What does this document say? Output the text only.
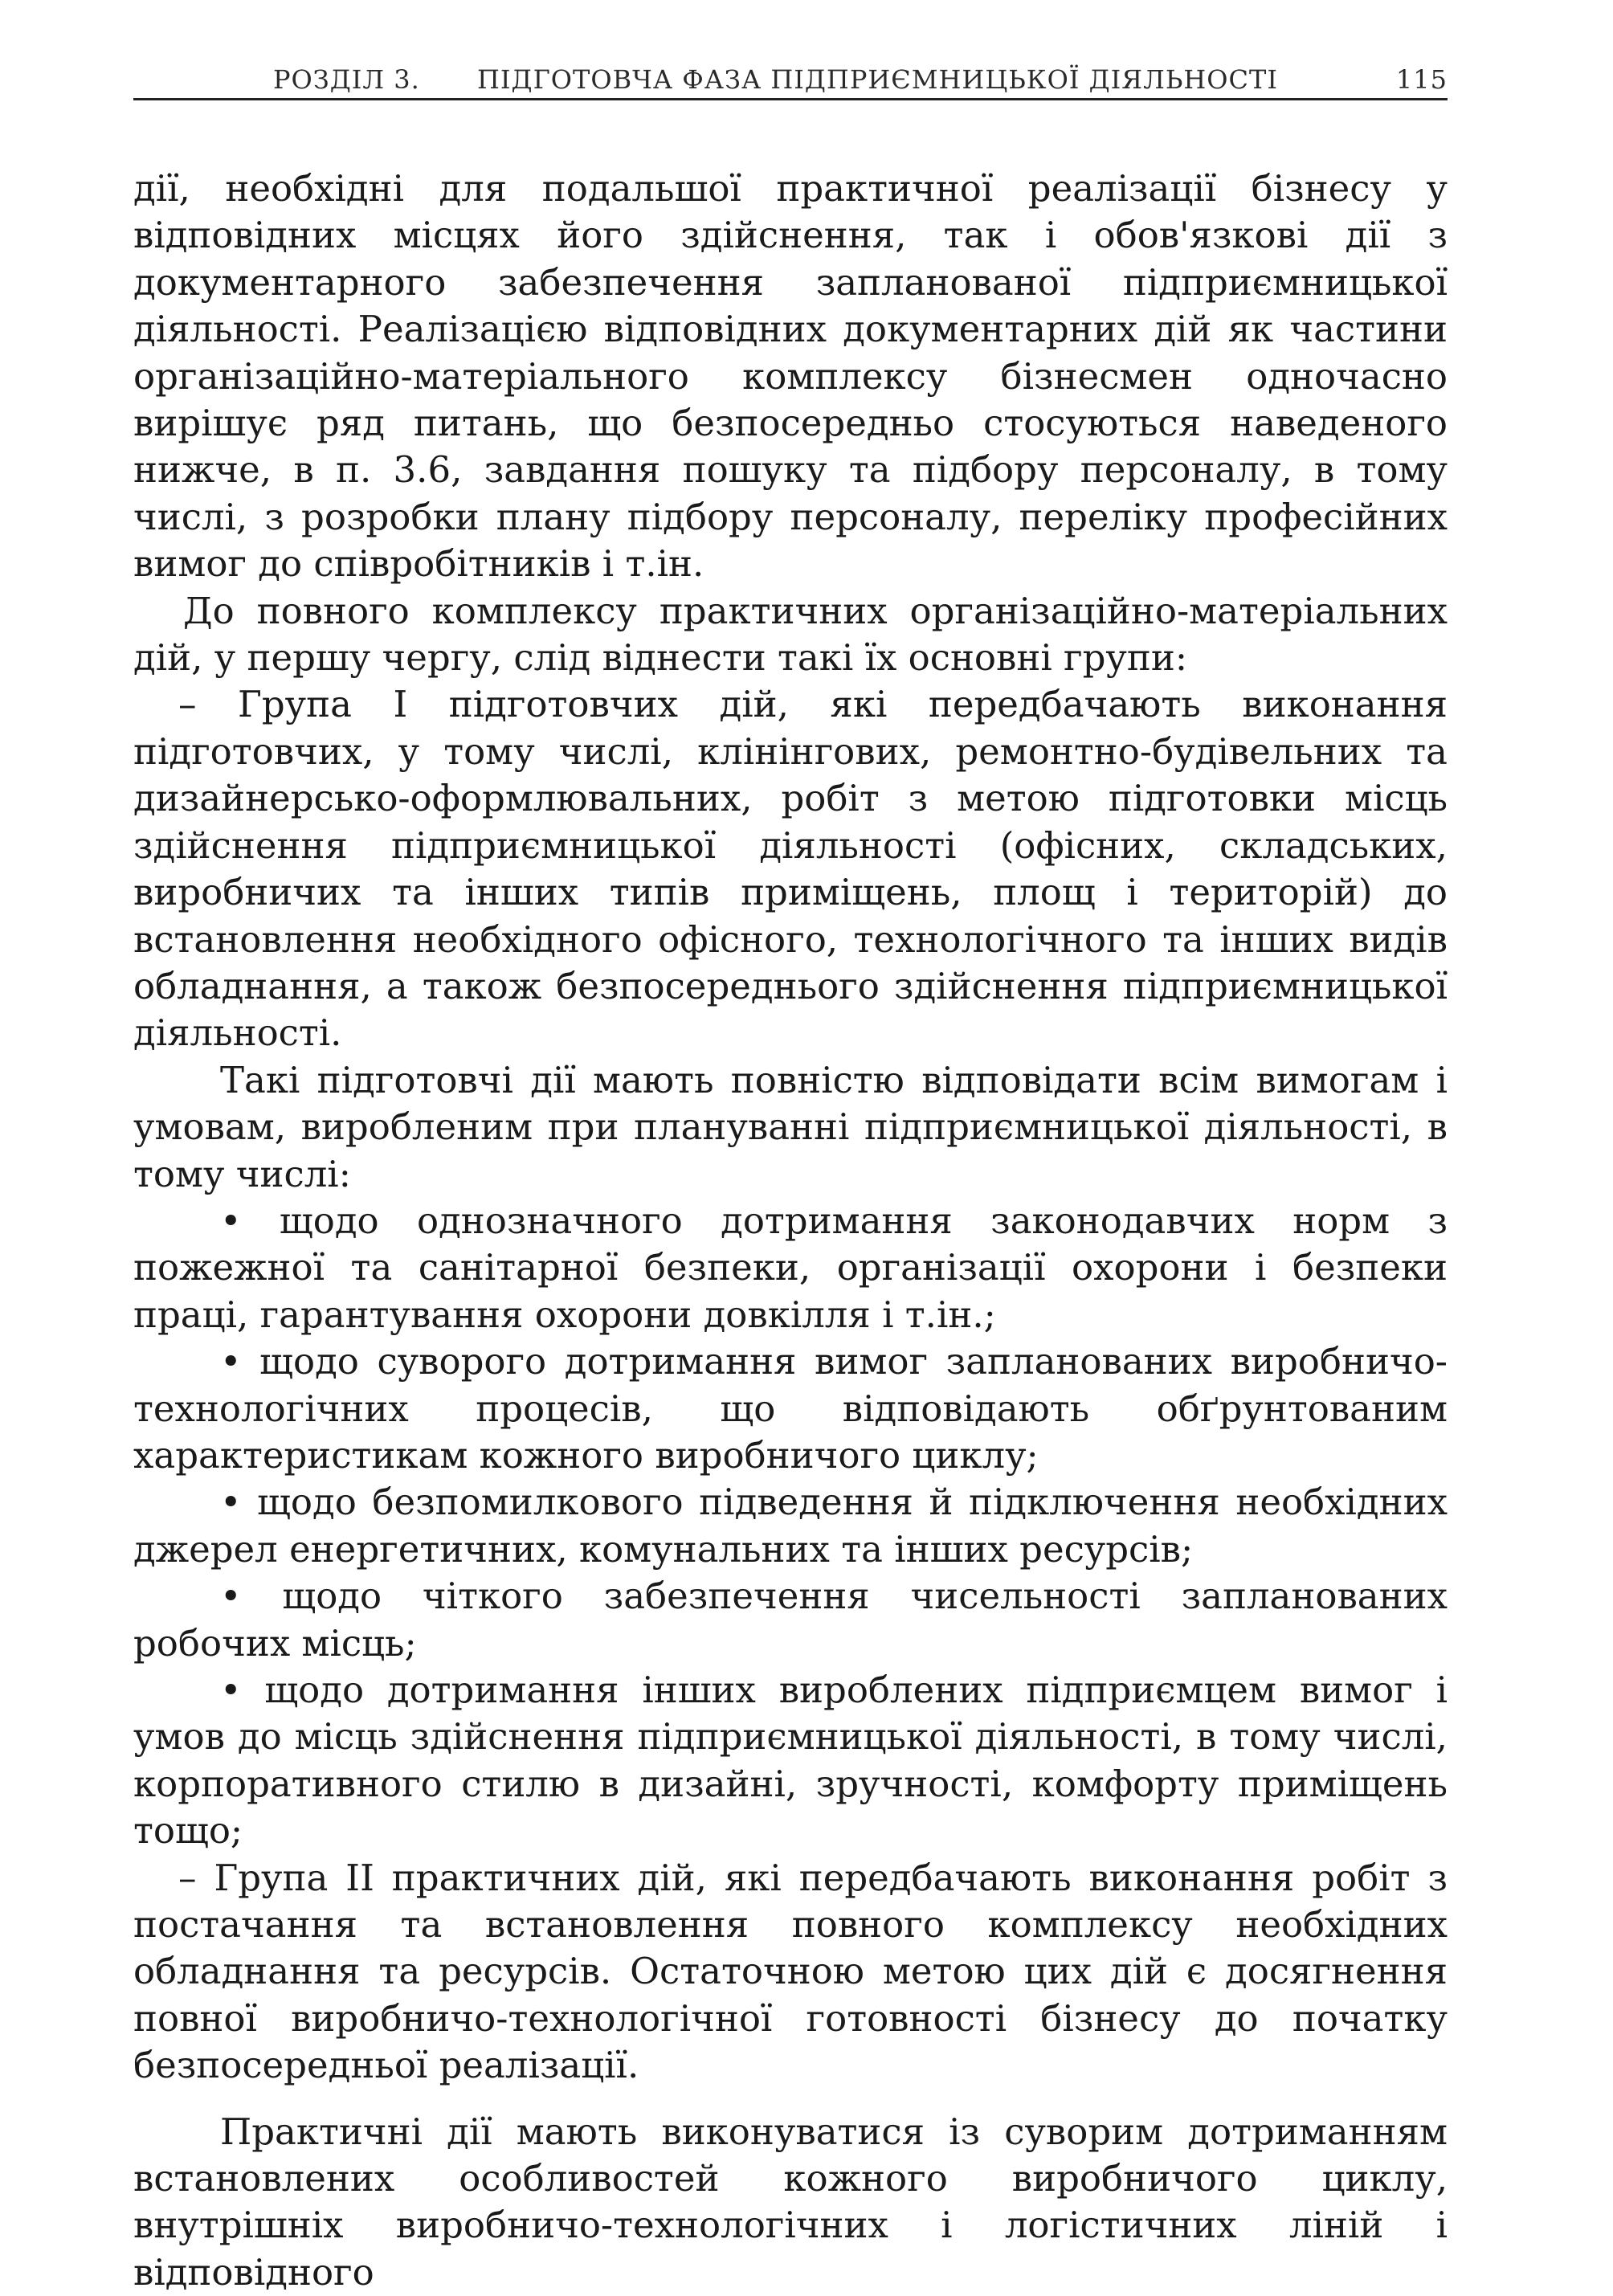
РОЗДІЛ 3. ПІДГОТОВЧА ФАЗА ПІДПРИЄМНИЦЬКОЇ ДІЯЛЬНОСТІ	115

дії, необхідні для подальшої практичної реалізації бізнесу у відповідних місцях його здійснення, так і обов'язкові дії з документарного забезпечення запланованої підприємницької діяльності. Реалізацією відповідних документарних дій як частини організаційно-матеріального комплексу бізнесмен одночасно вирішує ряд питань, що безпосередньо стосуються наведеного нижче, в п. 3.6, завдання пошуку та підбору персоналу, в тому числі, з розробки плану підбору персоналу, переліку професійних вимог до співробітників і т.ін.

До повного комплексу практичних організаційно-матеріальних дій, у першу чергу, слід віднести такі їх основні групи:

– Група І підготовчих дій, які передбачають виконання підготовчих, у тому числі, клінінгових, ремонтно-будівельних та дизайнерсько-оформлювальних, робіт з метою підготовки місць здійснення підприємницької діяльності (офісних, складських, виробничих та інших типів приміщень, площ і територій) до встановлення необхідного офісного, технологічного та інших видів обладнання, а також безпосереднього здійснення підприємницької діяльності.

Такі підготовчі дії мають повністю відповідати всім вимогам і умовам, виробленим при плануванні підприємницької діяльності, в тому числі:

• щодо однозначного дотримання законодавчих норм з пожежної та санітарної безпеки, організації охорони і безпеки праці, гарантування охорони довкілля і т.ін.;

• щодо суворого дотримання вимог запланованих виробничо-технологічних процесів, що відповідають обґрунтованим характеристикам кожного виробничого циклу;

• щодо безпомилкового підведення й підключення необхідних джерел енергетичних, комунальних та інших ресурсів;

• щодо чіткого забезпечення чисельності запланованих робочих місць;

• щодо дотримання інших вироблених підприємцем вимог і умов до місць здійснення підприємницької діяльності, в тому числі, корпоративного стилю в дизайні, зручності, комфорту приміщень тощо;

– Група ІІ практичних дій, які передбачають виконання робіт з постачання та встановлення повного комплексу необхідних обладнання та ресурсів. Остаточною метою цих дій є досягнення повної виробничо-технологічної готовності бізнесу до початку безпосередньої реалізації.

Практичні дії мають виконуватися із суворим дотриманням встановлених особливостей кожного виробничого циклу, внутрішніх виробничо-технологічних і логістичних ліній і відповідного
